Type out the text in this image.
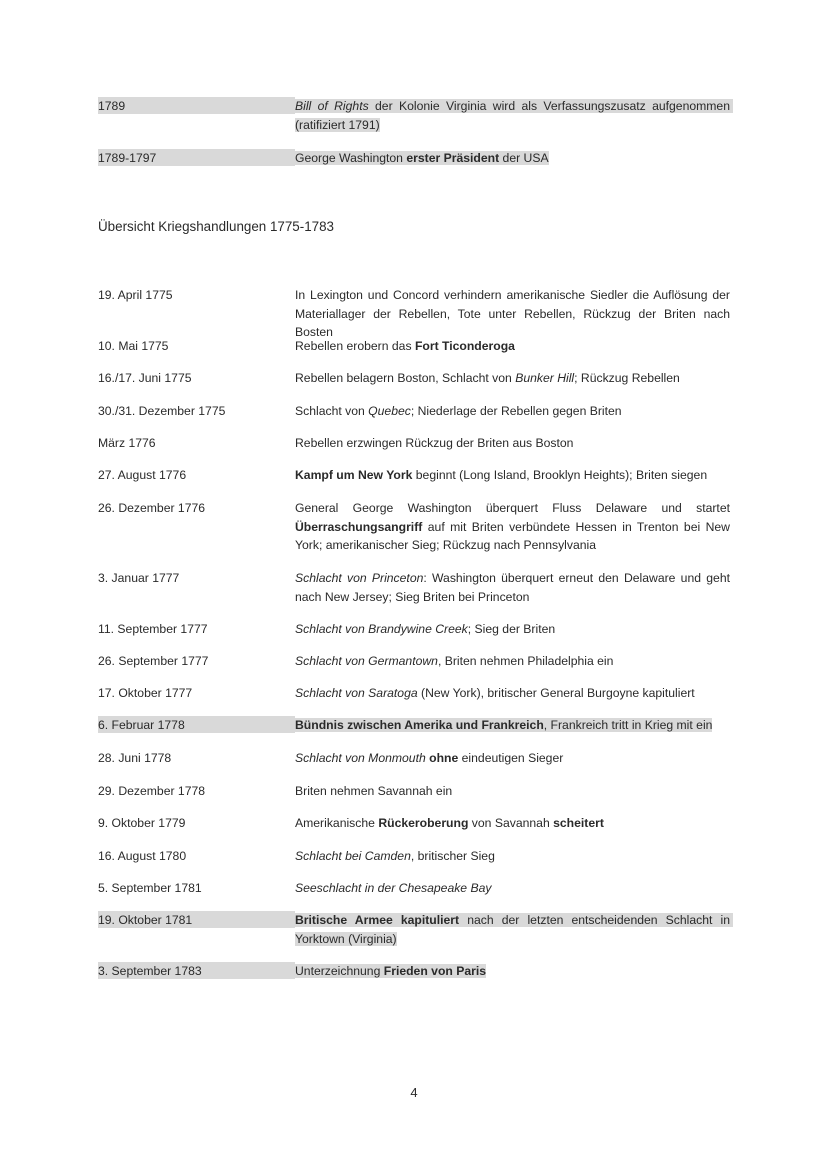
1789	Bill of Rights der Kolonie Virginia wird als Verfassungszusatz aufgenommen (ratifiziert 1791)
1789-1797	George Washington erster Präsident der USA
Übersicht Kriegshandlungen 1775-1783
19. April 1775	In Lexington und Concord verhindern amerikanische Siedler die Auflösung der Materiallager der Rebellen, Tote unter Rebellen, Rückzug der Briten nach Bosten
10. Mai 1775	Rebellen erobern das Fort Ticonderoga
16./17. Juni 1775	Rebellen belagern Boston, Schlacht von Bunker Hill; Rückzug Rebellen
30./31. Dezember 1775	Schlacht von Quebec; Niederlage der Rebellen gegen Briten
März 1776	Rebellen erzwingen Rückzug der Briten aus Boston
27. August 1776	Kampf um New York beginnt (Long Island, Brooklyn Heights); Briten siegen
26. Dezember 1776	General George Washington überquert Fluss Delaware und startet Überraschungsangriff auf mit Briten verbündete Hessen in Trenton bei New York; amerikanischer Sieg; Rückzug nach Pennsylvania
3. Januar 1777	Schlacht von Princeton: Washington überquert erneut den Delaware und geht nach New Jersey; Sieg Briten bei Princeton
11. September 1777	Schlacht von Brandywine Creek; Sieg der Briten
26. September 1777	Schlacht von Germantown, Briten nehmen Philadelphia ein
17. Oktober 1777	Schlacht von Saratoga (New York), britischer General Burgoyne kapituliert
6. Februar 1778	Bündnis zwischen Amerika und Frankreich, Frankreich tritt in Krieg mit ein
28. Juni 1778	Schlacht von Monmouth ohne eindeutigen Sieger
29. Dezember 1778	Briten nehmen Savannah ein
9. Oktober 1779	Amerikanische Rückeroberung von Savannah scheitert
16. August 1780	Schlacht bei Camden, britischer Sieg
5. September 1781	Seeschlacht in der Chesapeake Bay
19. Oktober 1781	Britische Armee kapituliert nach der letzten entscheidenden Schlacht in Yorktown (Virginia)
3. September 1783	Unterzeichnung Frieden von Paris
4
